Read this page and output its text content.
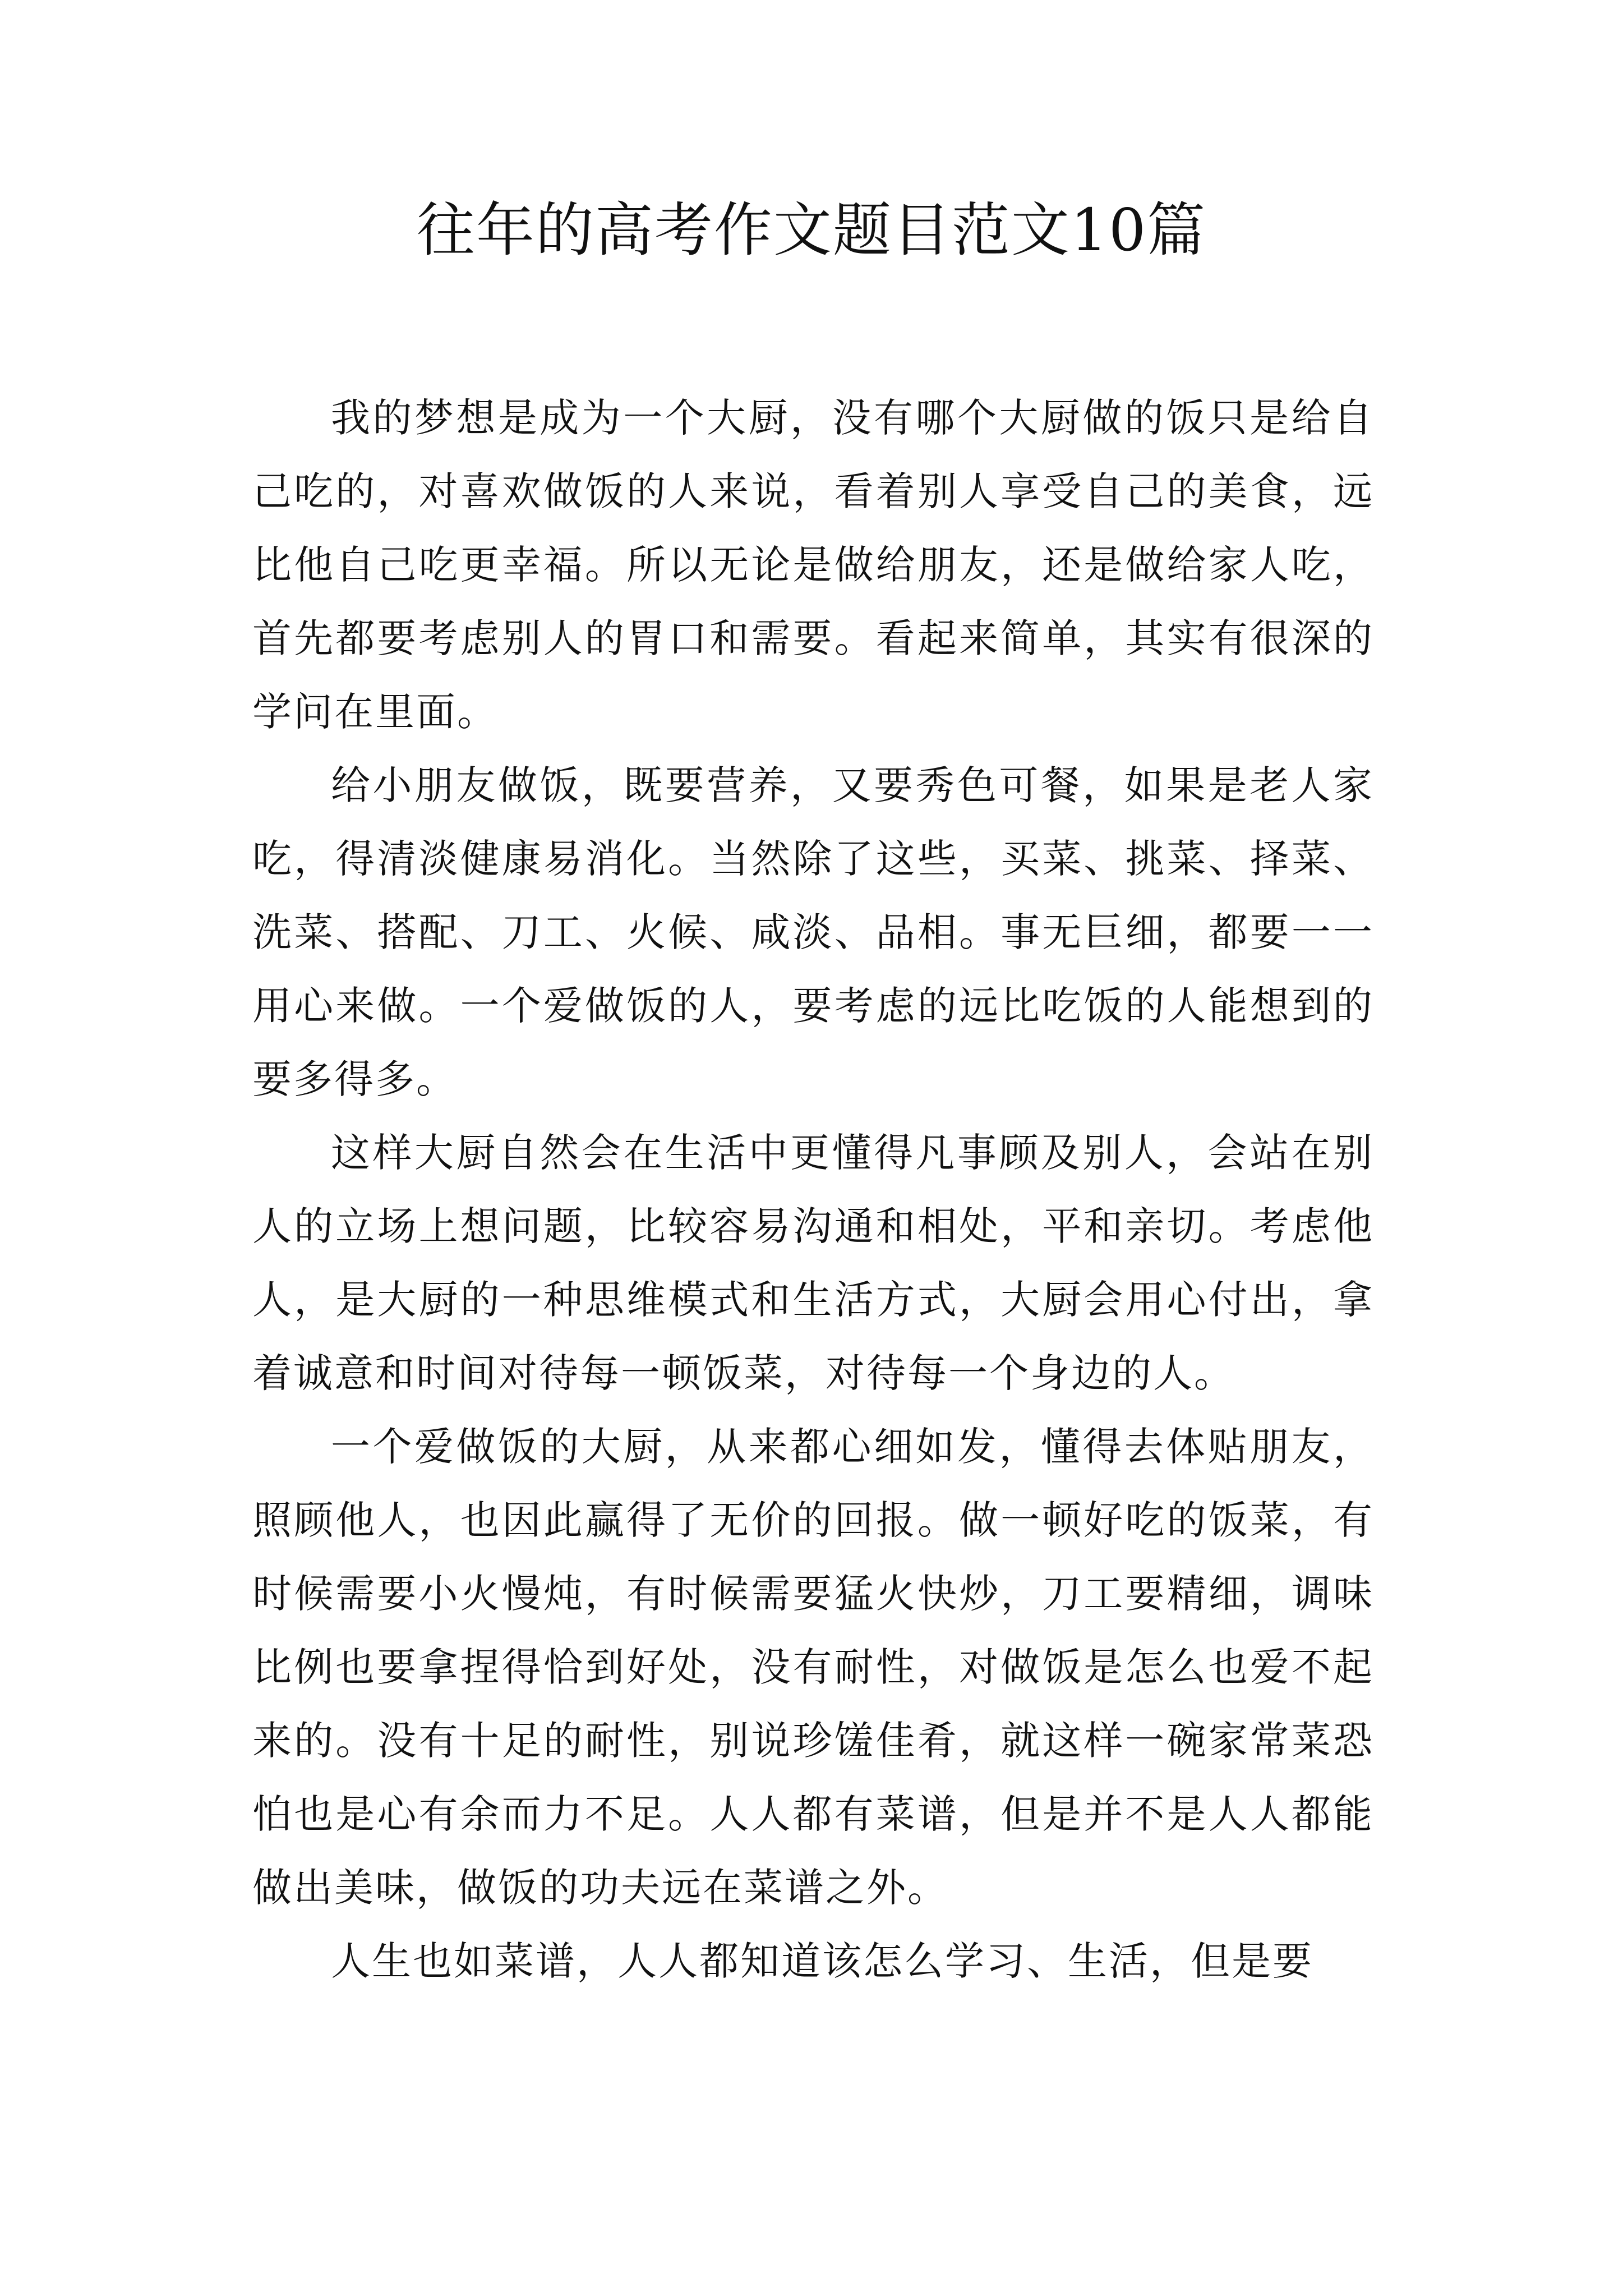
往年的高考作文题目范文10篇

我的梦想是成为一个大厨，没有哪个大厨做的饭只是给自己吃的，对喜欢做饭的人来说，看着别人享受自己的美食，远比他自己吃更幸福。所以无论是做给朋友，还是做给家人吃，首先都要考虑别人的胃口和需要。看起来简单，其实有很深的学问在里面。

给小朋友做饭，既要营养，又要秀色可餐，如果是老人家吃，得清淡健康易消化。当然除了这些，买菜、挑菜、择菜、洗菜、搭配、刀工、火候、咸淡、品相。事无巨细，都要一一用心来做。一个爱做饭的人，要考虑的远比吃饭的人能想到的要多得多。

这样大厨自然会在生活中更懂得凡事顾及别人，会站在别人的立场上想问题，比较容易沟通和相处，平和亲切。考虑他人，是大厨的一种思维模式和生活方式，大厨会用心付出，拿着诚意和时间对待每一顿饭菜，对待每一个身边的人。

一个爱做饭的大厨，从来都心细如发，懂得去体贴朋友，照顾他人，也因此赢得了无价的回报。做一顿好吃的饭菜，有时候需要小火慢炖，有时候需要猛火快炒，刀工要精细，调味比例也要拿捏得恰到好处，没有耐性，对做饭是怎么也爱不起来的。没有十足的耐性，别说珍馐佳肴，就这样一碗家常菜恐怕也是心有余而力不足。人人都有菜谱，但是并不是人人都能做出美味，做饭的功夫远在菜谱之外。

人生也如菜谱，人人都知道该怎么学习、生活，但是要
